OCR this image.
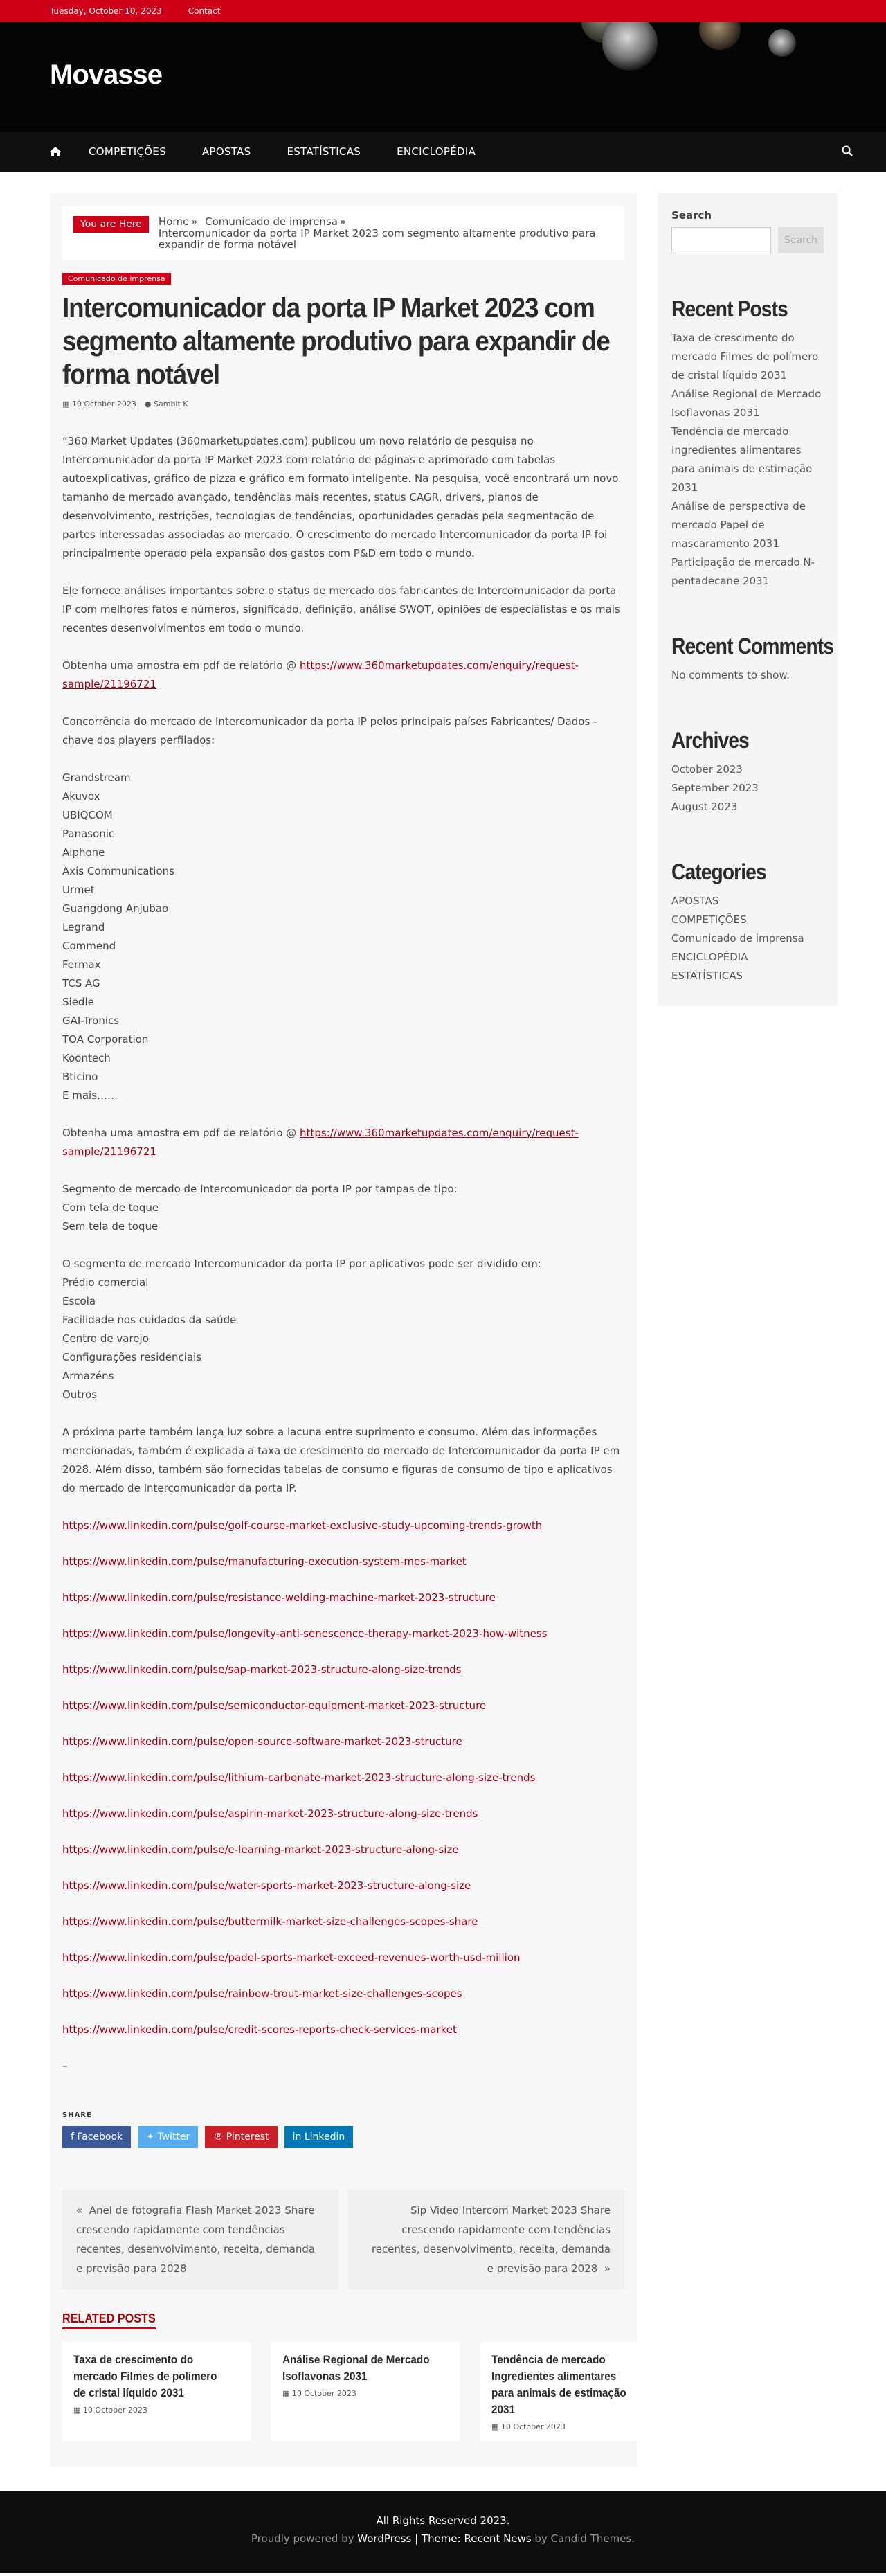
Tuesday, October 10, 2023	Contact
Movasse
COMPETIÇÕES	APOSTAS	ESTATÍSTICAS	ENCICLOPÉDIA
You are Here	Home » Comunicado de imprensa »
Intercomunicador da porta IP Market 2023 com segmento altamente produtivo para expandir de forma notável
Comunicado de imprensa
Intercomunicador da porta IP Market 2023 com segmento altamente produtivo para expandir de forma notável
▦ 10 October 2023 ● Sambit K

“360 Market Updates (360marketupdates.com) publicou um novo relatório de pesquisa no Intercomunicador da porta IP Market 2023 com relatório de páginas e aprimorado com tabelas autoexplicativas, gráfico de pizza e gráfico em formato inteligente. Na pesquisa, você encontrará um novo tamanho de mercado avançado, tendências mais recentes, status CAGR, drivers, planos de desenvolvimento, restrições, tecnologias de tendências, oportunidades geradas pela segmentação de partes interessadas associadas ao mercado. O crescimento do mercado Intercomunicador da porta IP foi principalmente operado pela expansão dos gastos com P&D em todo o mundo.

Ele fornece análises importantes sobre o status de mercado dos fabricantes de Intercomunicador da porta IP com melhores fatos e números, significado, definição, análise SWOT, opiniões de especialistas e os mais recentes desenvolvimentos em todo o mundo.

Obtenha uma amostra em pdf de relatório @ https://www.360marketupdates.com/enquiry/request-sample/21196721

Concorrência do mercado de Intercomunicador da porta IP pelos principais países Fabricantes/ Dados -chave dos players perfilados:

Grandstream
Akuvox
UBIQCOM
Panasonic
Aiphone
Axis Communications
Urmet
Guangdong Anjubao
Legrand
Commend
Fermax
TCS AG
Siedle
GAI-Tronics
TOA Corporation
Koontech
Bticino
E mais……

Obtenha uma amostra em pdf de relatório @ https://www.360marketupdates.com/enquiry/request-sample/21196721

Segmento de mercado de Intercomunicador da porta IP por tampas de tipo:
Com tela de toque
Sem tela de toque
O segmento de mercado Intercomunicador da porta IP por aplicativos pode ser dividido em:
Prédio comercial
Escola
Facilidade nos cuidados da saúde
Centro de varejo
Configurações residenciais
Armazéns
Outros

A próxima parte também lança luz sobre a lacuna entre suprimento e consumo. Além das informações mencionadas, também é explicada a taxa de crescimento do mercado de Intercomunicador da porta IP em 2028. Além disso, também são fornecidas tabelas de consumo e figuras de consumo de tipo e aplicativos do mercado de Intercomunicador da porta IP.

https://www.linkedin.com/pulse/golf-course-market-exclusive-study-upcoming-trends-growth
https://www.linkedin.com/pulse/manufacturing-execution-system-mes-market
https://www.linkedin.com/pulse/resistance-welding-machine-market-2023-structure
https://www.linkedin.com/pulse/longevity-anti-senescence-therapy-market-2023-how-witness
https://www.linkedin.com/pulse/sap-market-2023-structure-along-size-trends
https://www.linkedin.com/pulse/semiconductor-equipment-market-2023-structure
https://www.linkedin.com/pulse/open-source-software-market-2023-structure
https://www.linkedin.com/pulse/lithium-carbonate-market-2023-structure-along-size-trends
https://www.linkedin.com/pulse/aspirin-market-2023-structure-along-size-trends
https://www.linkedin.com/pulse/e-learning-market-2023-structure-along-size
https://www.linkedin.com/pulse/water-sports-market-2023-structure-along-size
https://www.linkedin.com/pulse/buttermilk-market-size-challenges-scopes-share
https://www.linkedin.com/pulse/padel-sports-market-exceed-revenues-worth-usd-million
https://www.linkedin.com/pulse/rainbow-trout-market-size-challenges-scopes
https://www.linkedin.com/pulse/credit-scores-reports-check-services-market
–
SHARE
f Facebook	✦ Twitter	℗ Pinterest	in Linkedin
«  Anel de fotografia Flash Market 2023 Share crescendo rapidamente com tendências recentes, desenvolvimento, receita, demanda e previsão para 2028
Sip Video Intercom Market 2023 Share crescendo rapidamente com tendências recentes, desenvolvimento, receita, demanda e previsão para 2028  »
RELATED POSTS
Taxa de crescimento do mercado Filmes de polímero de cristal líquido 2031
▦ 10 October 2023
Análise Regional de Mercado Isoflavonas 2031
▦ 10 October 2023
Tendência de mercado Ingredientes alimentares para animais de estimação 2031
▦ 10 October 2023
Search
Search
Recent Posts
Taxa de crescimento do mercado Filmes de polímero de cristal líquido 2031
Análise Regional de Mercado Isoflavonas 2031
Tendência de mercado Ingredientes alimentares para animais de estimação 2031
Análise de perspectiva de mercado Papel de mascaramento 2031
Participação de mercado N-pentadecane 2031
Recent Comments
No comments to show.
Archives
October 2023
September 2023
August 2023
Categories
APOSTAS
COMPETIÇÕES
Comunicado de imprensa
ENCICLOPÉDIA
ESTATÍSTICAS
All Rights Reserved 2023.
Proudly powered by WordPress | Theme: Recent News by Candid Themes.
